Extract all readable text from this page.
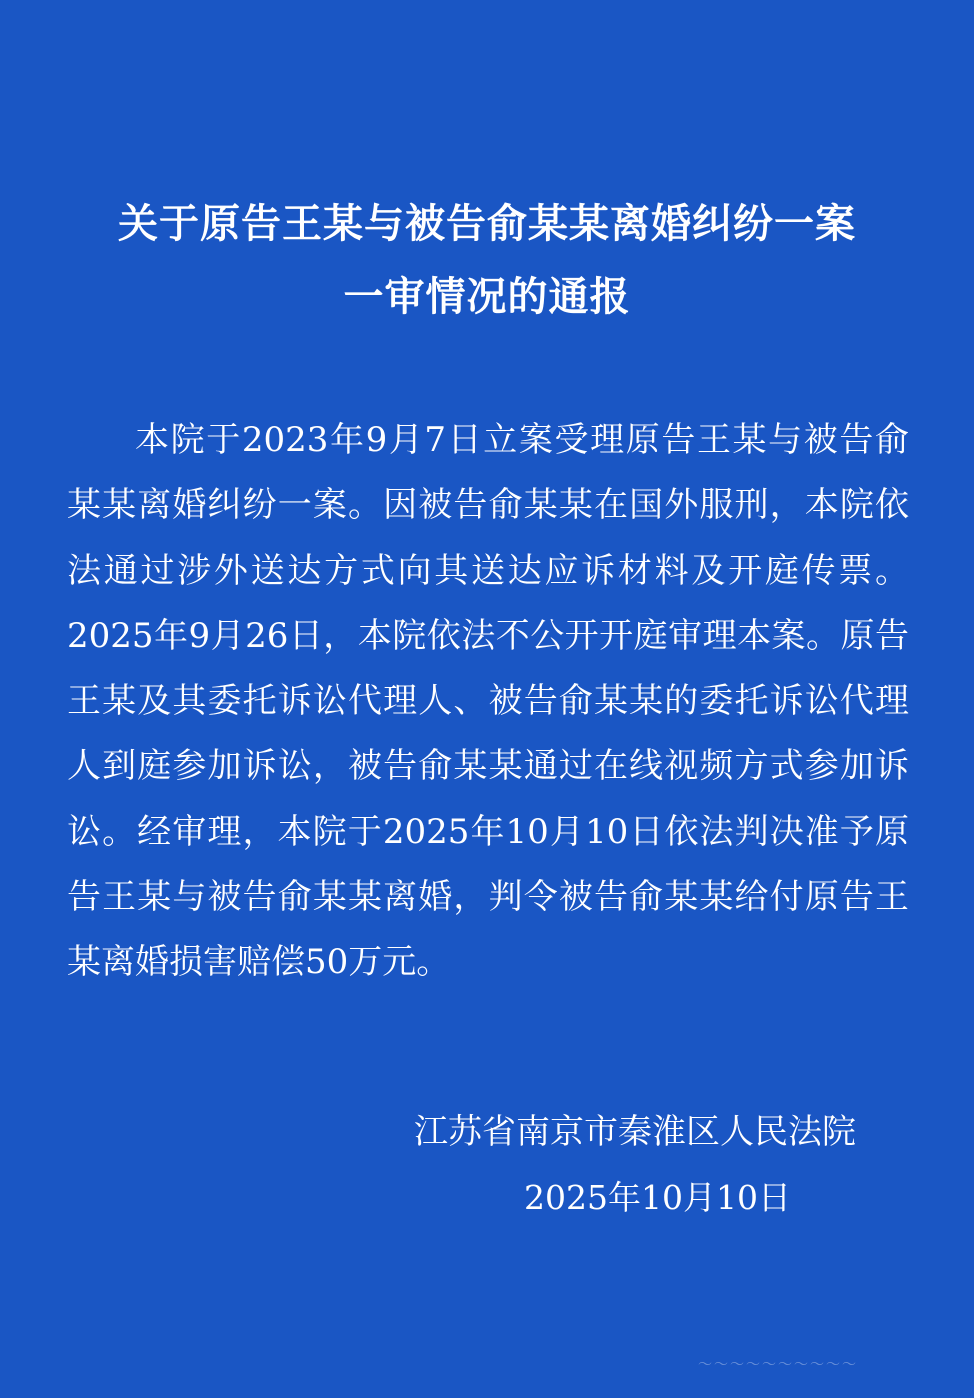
关于原告王某与被告俞某某离婚纠纷一案
一审情况的通报

本院于2023年9月7日立案受理原告王某与被告俞某某离婚纠纷一案。因被告俞某某在国外服刑，本院依法通过涉外送达方式向其送达应诉材料及开庭传票。2025年9月26日，本院依法不公开开庭审理本案。原告王某及其委托诉讼代理人、被告俞某某的委托诉讼代理人到庭参加诉讼，被告俞某某通过在线视频方式参加诉讼。经审理，本院于2025年10月10日依法判决准予原告王某与被告俞某某离婚，判令被告俞某某给付原告王某离婚损害赔偿50万元。

江苏省南京市秦淮区人民法院
2025年10月10日
～～～～～～～～～～
